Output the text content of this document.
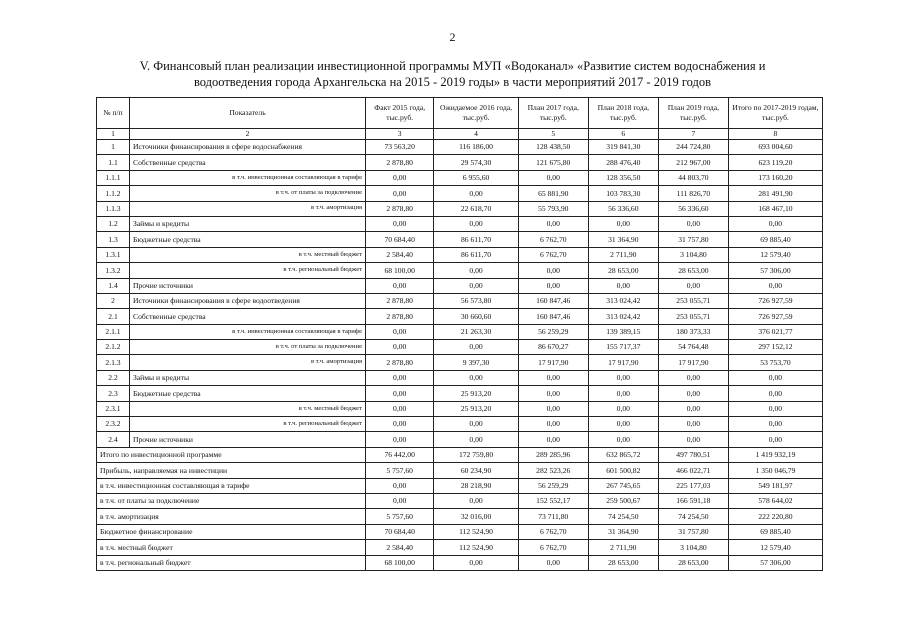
2
V. Финансовый план реализации инвестиционной программы МУП «Водоканал» «Развитие систем водоснабжения и
водоотведения города Архангельска на 2015 - 2019 годы» в части мероприятий 2017 - 2019 годов
№ п/п	Показатель	Факт 2015 года, тыс.руб.	Ожидаемое 2016 года, тыс.руб.	План 2017 года, тыс.руб.	План 2018 года, тыс.руб.	План 2019 года, тыс.руб.	Итого по 2017-2019 годам, тыс.руб.
1	2	3	4	5	6	7	8
1	Источники финансирования в сфере водоснабжения	73 563,20	116 186,00	128 438,50	319 841,30	244 724,80	693 004,60
1.1	Собственные средства	2 878,80	29 574,30	121 675,80	288 476,40	212 967,00	623 119,20
1.1.1	в т.ч. инвестиционная составляющая в тарифе	0,00	6 955,60	0,00	128 356,50	44 803,70	173 160,20
1.1.2	в т.ч. от платы за подключение	0,00	0,00	65 881,90	103 783,30	111 826,70	281 491,90
1.1.3	в т.ч. амортизация	2 878,80	22 618,70	55 793,90	56 336,60	56 336,60	168 467,10
1.2	Займы и кредиты	0,00	0,00	0,00	0,00	0,00	0,00
1.3	Бюджетные средства	70 684,40	86 611,70	6 762,70	31 364,90	31 757,80	69 885,40
1.3.1	в т.ч. местный бюджет	2 584,40	86 611,70	6 762,70	2 711,90	3 104,80	12 579,40
1.3.2	в т.ч. региональный бюджет	68 100,00	0,00	0,00	28 653,00	28 653,00	57 306,00
1.4	Прочие источники	0,00	0,00	0,00	0,00	0,00	0,00
2	Источники финансирования в сфере водоотведения	2 878,80	56 573,80	160 847,46	313 024,42	253 055,71	726 927,59
2.1	Собственные средства	2 878,80	30 660,60	160 847,46	313 024,42	253 055,71	726 927,59
2.1.1	в т.ч. инвестиционная составляющая в тарифе	0,00	21 263,30	56 259,29	139 389,15	180 373,33	376 021,77
2.1.2	в т.ч. от платы за подключение	0,00	0,00	86 670,27	155 717,37	54 764,48	297 152,12
2.1.3	в т.ч. амортизация	2 878,80	9 397,30	17 917,90	17 917,90	17 917,90	53 753,70
2.2	Займы и кредиты	0,00	0,00	0,00	0,00	0,00	0,00
2.3	Бюджетные средства	0,00	25 913,20	0,00	0,00	0,00	0,00
2.3.1	в т.ч. местный бюджет	0,00	25 913,20	0,00	0,00	0,00	0,00
2.3.2	в т.ч. региональный бюджет	0,00	0,00	0,00	0,00	0,00	0,00
2.4	Прочие источники	0,00	0,00	0,00	0,00	0,00	0,00
Итого по инвестиционной программе		76 442,00	172 759,80	289 285,96	632 865,72	497 780,51	1 419 932,19
Прибыль, направляемая на инвестиции		5 757,60	60 234,90	282 523,26	601 500,82	466 022,71	1 350 046,79
в т.ч. инвестиционная составляющая в тарифе		0,00	28 218,90	56 259,29	267 745,65	225 177,03	549 181,97
в т.ч. от платы за подключение		0,00	0,00	152 552,17	259 500,67	166 591,18	578 644,02
в т.ч. амортизация		5 757,60	32 016,00	73 711,80	74 254,50	74 254,50	222 220,80
Бюджетное финансирование		70 684,40	112 524,90	6 762,70	31 364,90	31 757,80	69 885,40
в т.ч. местный бюджет		2 584,40	112 524,90	6 762,70	2 711,90	3 104,80	12 579,40
в т.ч. региональный бюджет		68 100,00	0,00	0,00	28 653,00	28 653,00	57 306,00
